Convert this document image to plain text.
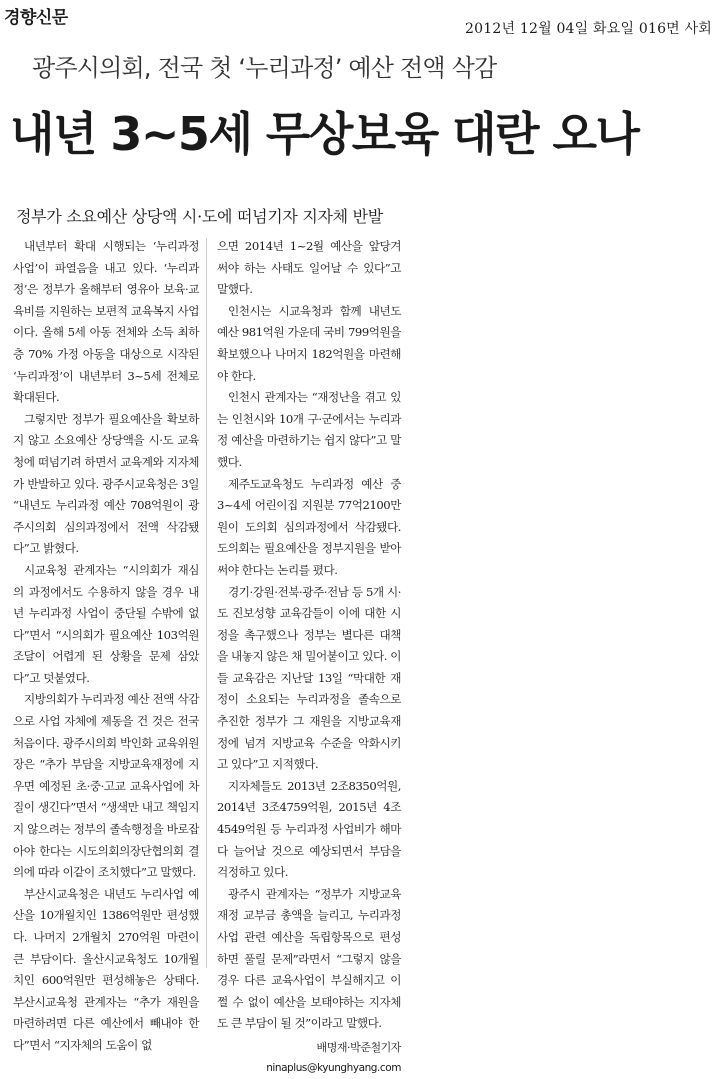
경향신문
2012년 12월 04일 화요일 016면 사회
광주시의회, 전국 첫 ‘누리과정’ 예산 전액 삭감
내년 3~5세 무상보육 대란 오나
정부가 소요예산 상당액 시·도에 떠넘기자 지자체 반발

내년부터 확대 시행되는 ‘누리과정 사업’이 파열음을 내고 있다. ‘누리과정’은 정부가 올해부터 영유아 보육·교육비를 지원하는 보편적 교육복지 사업이다. 올해 5세 아동 전체와 소득 최하층 70% 가정 아동을 대상으로 시작된 ‘누리과정’이 내년부터 3~5세 전체로 확대된다.

그렇지만 정부가 필요예산을 확보하지 않고 소요예산 상당액을 시·도 교육청에 떠넘기려 하면서 교육계와 지자체가 반발하고 있다. 광주시교육청은 3일 “내년도 누리과정 예산 708억원이 광주시의회 심의과정에서 전액 삭감됐다”고 밝혔다.

시교육청 관계자는 “시의회가 재심의 과정에서도 수용하지 않을 경우 내년 누리과정 사업이 중단될 수밖에 없다”면서 “시의회가 필요예산 103억원 조달이 어렵게 된 상황을 문제 삼았다”고 덧붙였다.

지방의회가 누리과정 예산 전액 삭감으로 사업 자체에 제동을 건 것은 전국 처음이다. 광주시의회 박인화 교육위원장은 “추가 부담을 지방교육재정에 지우면 예정된 초·중·고교 교육사업에 차질이 생긴다”면서 “생색만 내고 책임지지 않으려는 정부의 졸속행정을 바로잡아야 한다는 시도의회의장단협의회 결의에 따라 이같이 조치했다”고 말했다.

부산시교육청은 내년도 누리사업 예산을 10개월치인 1386억원만 편성했다. 나머지 2개월치 270억원 마련이 큰 부담이다. 울산시교육청도 10개월치인 600억원만 편성해놓은 상태다. 부산시교육청 관계자는 “추가 재원을 마련하려면 다른 예산에서 빼내야 한다”면서 “지자체의 도움이 없

으면 2014년 1~2월 예산을 앞당겨 써야 하는 사태도 일어날 수 있다”고 말했다.

인천시는 시교육청과 함께 내년도 예산 981억원 가운데 국비 799억원을 확보했으나 나머지 182억원을 마련해야 한다.

인천시 관계자는 “재정난을 겪고 있는 인천시와 10개 구·군에서는 누리과정 예산을 마련하기는 쉽지 않다”고 말했다.

제주도교육청도 누리과정 예산 중 3~4세 어린이집 지원분 77억2100만원이 도의회 심의과정에서 삭감됐다. 도의회는 필요예산을 정부지원을 받아 써야 한다는 논리를 폈다.

경기·강원·전북·광주·전남 등 5개 시·도 진보성향 교육감들이 이에 대한 시정을 촉구했으나 정부는 별다른 대책을 내놓지 않은 채 밀어붙이고 있다. 이들 교육감은 지난달 13일 “막대한 재정이 소요되는 누리과정을 졸속으로 추진한 정부가 그 재원을 지방교육재정에 넘겨 지방교육 수준을 악화시키고 있다”고 지적했다.

지자체들도 2013년 2조8350억원, 2014년 3조4759억원, 2015년 4조4549억원 등 누리과정 사업비가 해마다 늘어날 것으로 예상되면서 부담을 걱정하고 있다.

광주시 관계자는 “정부가 지방교육재정 교부금 총액을 늘리고, 누리과정 사업 관련 예산을 독립항목으로 편성하면 풀릴 문제”라면서 “그렇지 않을 경우 다른 교육사업이 부실해지고 이쩔 수 없이 예산을 보태야하는 지자체도 큰 부담이 될 것”이라고 말했다.

배명재·박준철기자
ninaplus@kyunghyang.com
